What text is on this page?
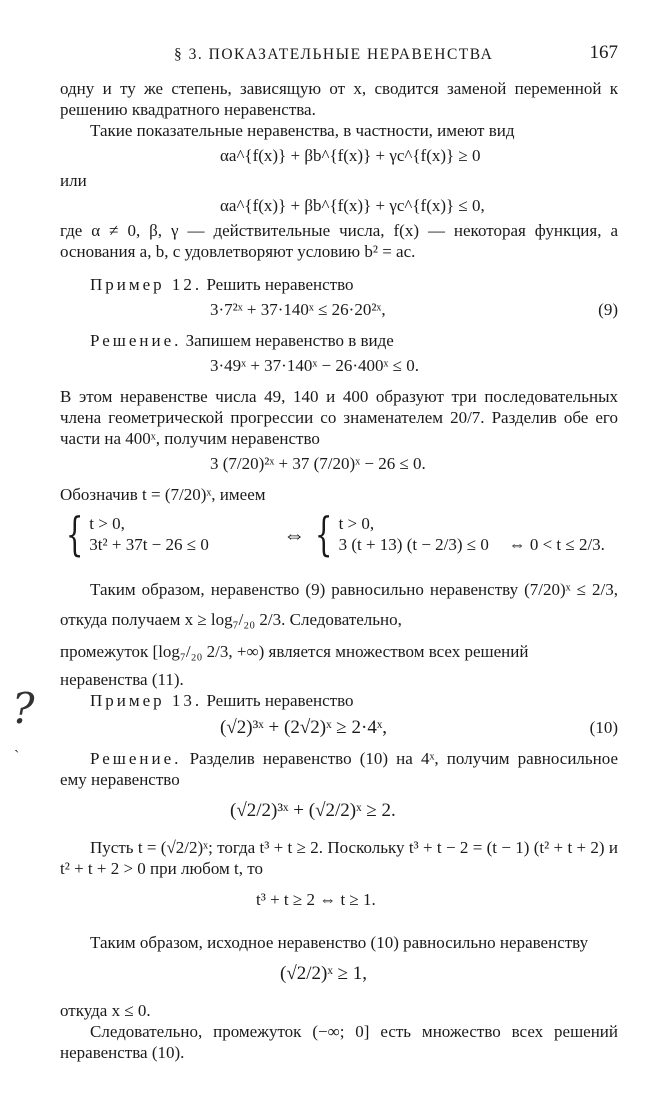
?
ˋ
§ 3. ПОКАЗАТЕЛЬНЫЕ НЕРАВЕНСТВА	167

одну и ту же степень, зависящую от x, сводится заменой переменной к решению квадратного неравенства.

Такие показательные неравенства, в частности, имеют вид

αa^{f(x)} + βb^{f(x)} + γc^{f(x)} ≥ 0

или

αa^{f(x)} + βb^{f(x)} + γc^{f(x)} ≤ 0,

где α ≠ 0, β, γ — действительные числа, f(x) — некоторая функция, а основания a, b, c удовлетворяют условию b² = ac.

Пример 12. Решить неравенство

3·7²ˣ + 37·140ˣ ≤ 26·20²ˣ,	(9)

Решение. Запишем неравенство в виде

3·49ˣ + 37·140ˣ − 26·400ˣ ≤ 0.

В этом неравенстве числа 49, 140 и 400 образуют три последовательных члена геометрической прогрессии со знаменателем 20/7. Разделив обе его части на 400ˣ, получим неравенство

3 (7/20)²ˣ + 37 (7/20)ˣ − 26 ≤ 0.

Обозначив t = (7/20)ˣ, имеем

{ t > 0,
3t² + 37t − 26 ≤ 0	⇔ { t > 0,
3 (t + 13) (t − 2/3) ≤ 0	⇔ 0 < t ≤ 2/3.

Таким образом, неравенство (9) равносильно неравенству (7/20)ˣ ≤ 2/3, откуда получаем x ≥ log₇/₂₀ 2/3. Следовательно,

промежуток [log₇/₂₀ 2/3, +∞) является множеством всех решений

неравенства (11).

Пример 13. Решить неравенство

(√2)³ˣ + (2√2)ˣ ≥ 2·4ˣ,	(10)

Решение. Разделив неравенство (10) на 4ˣ, получим равносильное ему неравенство

(√2/2)³ˣ + (√2/2)ˣ ≥ 2.

Пусть t = (√2/2)ˣ; тогда t³ + t ≥ 2. Поскольку t³ + t − 2 = (t − 1) (t² + t + 2) и t² + t + 2 > 0 при любом t, то

t³ + t ≥ 2 ⇔ t ≥ 1.

Таким образом, исходное неравенство (10) равносильно неравенству

(√2/2)ˣ ≥ 1,

откуда x ≤ 0.

Следовательно, промежуток (−∞; 0] есть множество всех решений неравенства (10).
